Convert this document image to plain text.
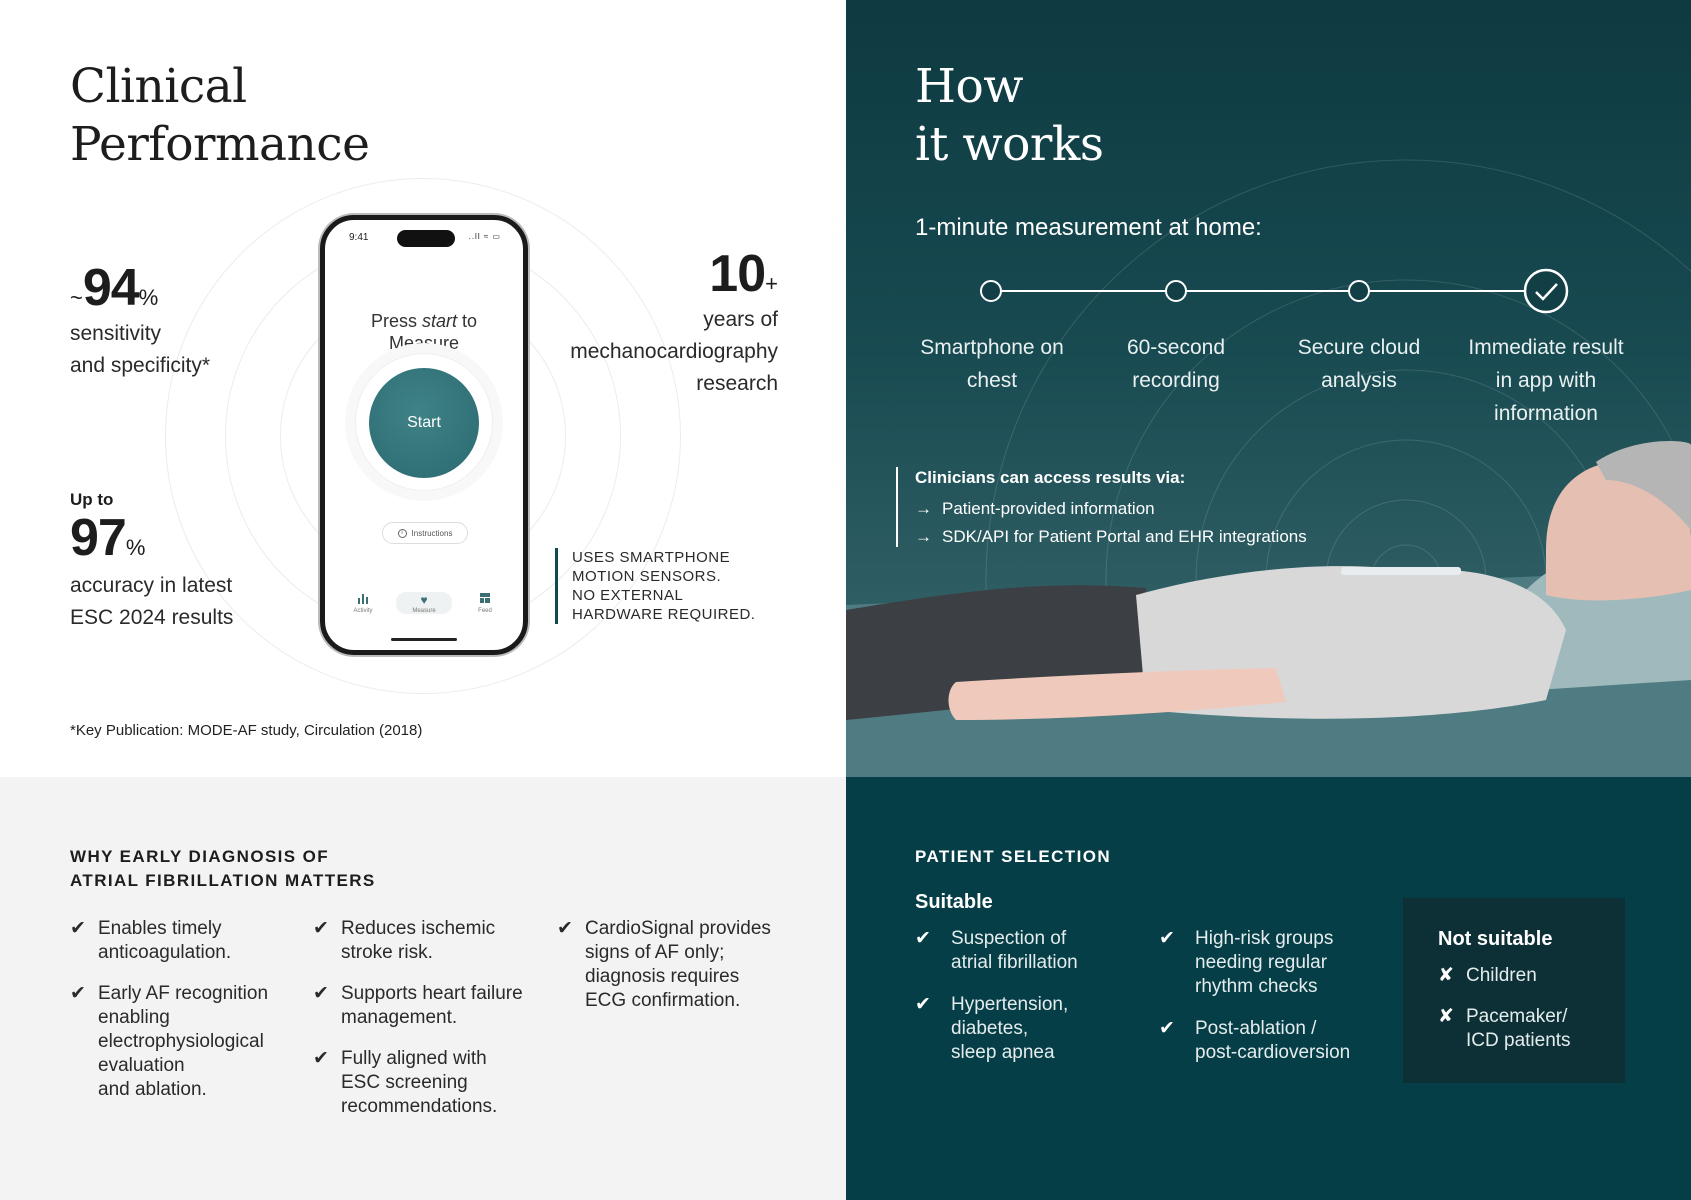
Clinical
Performance
~94%
sensitivity
and specificity*
Up to
97%
accuracy in latest
ESC 2024 results
10+
years of
mechanocardiography
research
USES SMARTPHONE
MOTION SENSORS.
NO EXTERNAL
HARDWARE REQUIRED.
*Key Publication: MODE-AF study, Circulation (2018)
9:41	..ll ≈ ▭
Press start to
Measure
Start
i	Instructions
Activity
♥
Measure	Feed
How
it works
1-minute measurement at home:
Smartphone on
chest
60-second
recording
Secure cloud
analysis
Immediate result
in app with
information
Clinicians can access results via:
→ Patient-provided information
→ SDK/API for Patient Portal and EHR integrations
WHY EARLY DIAGNOSIS OF
ATRIAL FIBRILLATION MATTERS
✔ Enables timely
anticoagulation.
✔ Early AF recognition
enabling
electrophysiological
evaluation
and ablation.
✔ Reduces ischemic
stroke risk.
✔ Supports heart failure
management.
✔ Fully aligned with
ESC screening
recommendations.
✔ CardioSignal provides
signs of AF only;
diagnosis requires
ECG confirmation.
PATIENT SELECTION
Suitable
✔	Suspection of
atrial fibrillation
✔	Hypertension,
diabetes,
sleep apnea
✔	High-risk groups
needing regular
rhythm checks
✔	Post-ablation /
post-cardioversion
Not suitable
✘ Children
✘ Pacemaker/
ICD patients
